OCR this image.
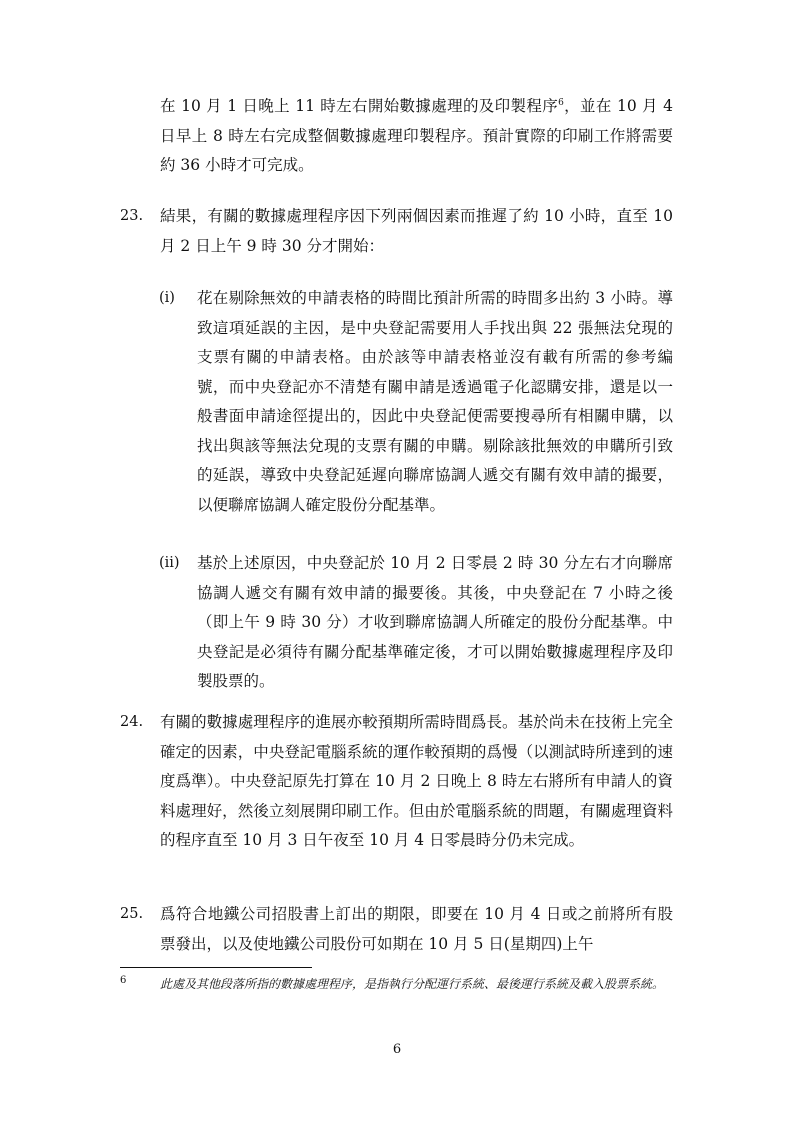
在 10 月 1 日晚上 11 時左右開始數據處理的及印製程序$^6$，並在 10 月 4 日早上 8 時左右完成整個數據處理印製程序。預計實際的印刷工作將需要約 36 小時才可完成。

23. 結果，有關的數據處理程序因下列兩個因素而推遲了約 10 小時，直至 10 月 2 日上午 9 時 30 分才開始：

(i) 花在剔除無效的申請表格的時間比預計所需的時間多出約 3 小時。導致這項延誤的主因，是中央登記需要用人手找出與 22 張無法兌現的支票有關的申請表格。由於該等申請表格並沒有載有所需的參考編號，而中央登記亦不清楚有關申請是透過電子化認購安排，還是以一般書面申請途徑提出的，因此中央登記便需要搜尋所有相關申購，以找出與該等無法兌現的支票有關的申購。剔除該批無效的申購所引致的延誤，導致中央登記延遲向聯席協調人遞交有關有效申請的撮要，以便聯席協調人確定股份分配基準。

(ii) 基於上述原因，中央登記於 10 月 2 日零晨 2 時 30 分左右才向聯席協調人遞交有關有效申請的撮要後。其後，中央登記在 7 小時之後（即上午 9 時 30 分）才收到聯席協調人所確定的股份分配基準。中央登記是必須待有關分配基準確定後，才可以開始數據處理程序及印製股票的。

24. 有關的數據處理程序的進展亦較預期所需時間爲長。基於尚未在技術上完全確定的因素，中央登記電腦系統的運作較預期的爲慢（以測試時所達到的速度爲準）。中央登記原先打算在 10 月 2 日晚上 8 時左右將所有申請人的資料處理好，然後立刻展開印刷工作。但由於電腦系統的問題，有關處理資料的程序直至 10 月 3 日午夜至 10 月 4 日零晨時分仍未完成。

25. 爲符合地鐵公司招股書上訂出的期限，即要在 10 月 4 日或之前將所有股票發出，以及使地鐵公司股份可如期在 10 月 5 日(星期四)上午

6	此處及其他段落所指的數據處理程序，是指執行分配運行系統、最後運行系統及載入股票系統。

6
